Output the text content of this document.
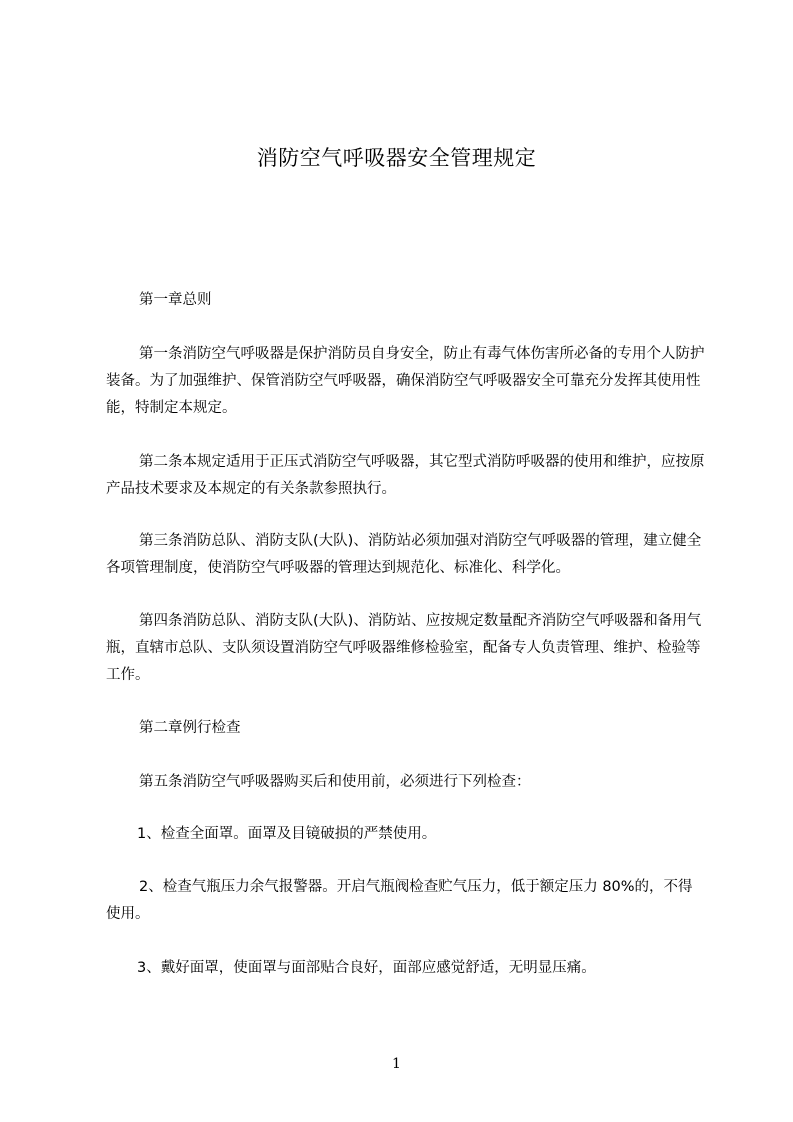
消防空气呼吸器安全管理规定
第一章总则
第一条消防空气呼吸器是保护消防员自身安全，防止有毒气体伤害所必备的专用个人防护装备。为了加强维护、保管消防空气呼吸器，确保消防空气呼吸器安全可靠充分发挥其使用性能，特制定本规定。
第二条本规定适用于正压式消防空气呼吸器，其它型式消防呼吸器的使用和维护，应按原产品技术要求及本规定的有关条款参照执行。
第三条消防总队、消防支队(大队)、消防站必须加强对消防空气呼吸器的管理，建立健全各项管理制度，使消防空气呼吸器的管理达到规范化、标准化、科学化。
第四条消防总队、消防支队(大队)、消防站、应按规定数量配齐消防空气呼吸器和备用气瓶，直辖市总队、支队须设置消防空气呼吸器维修检验室，配备专人负责管理、维护、检验等工作。
第二章例行检查
第五条消防空气呼吸器购买后和使用前，必须进行下列检查：
1、检查全面罩。面罩及目镜破损的严禁使用。
2、检查气瓶压力余气报警器。开启气瓶阀检查贮气压力，低于额定压力 80%的，不得使用。
3、戴好面罩，使面罩与面部贴合良好，面部应感觉舒适，无明显压痛。
1
